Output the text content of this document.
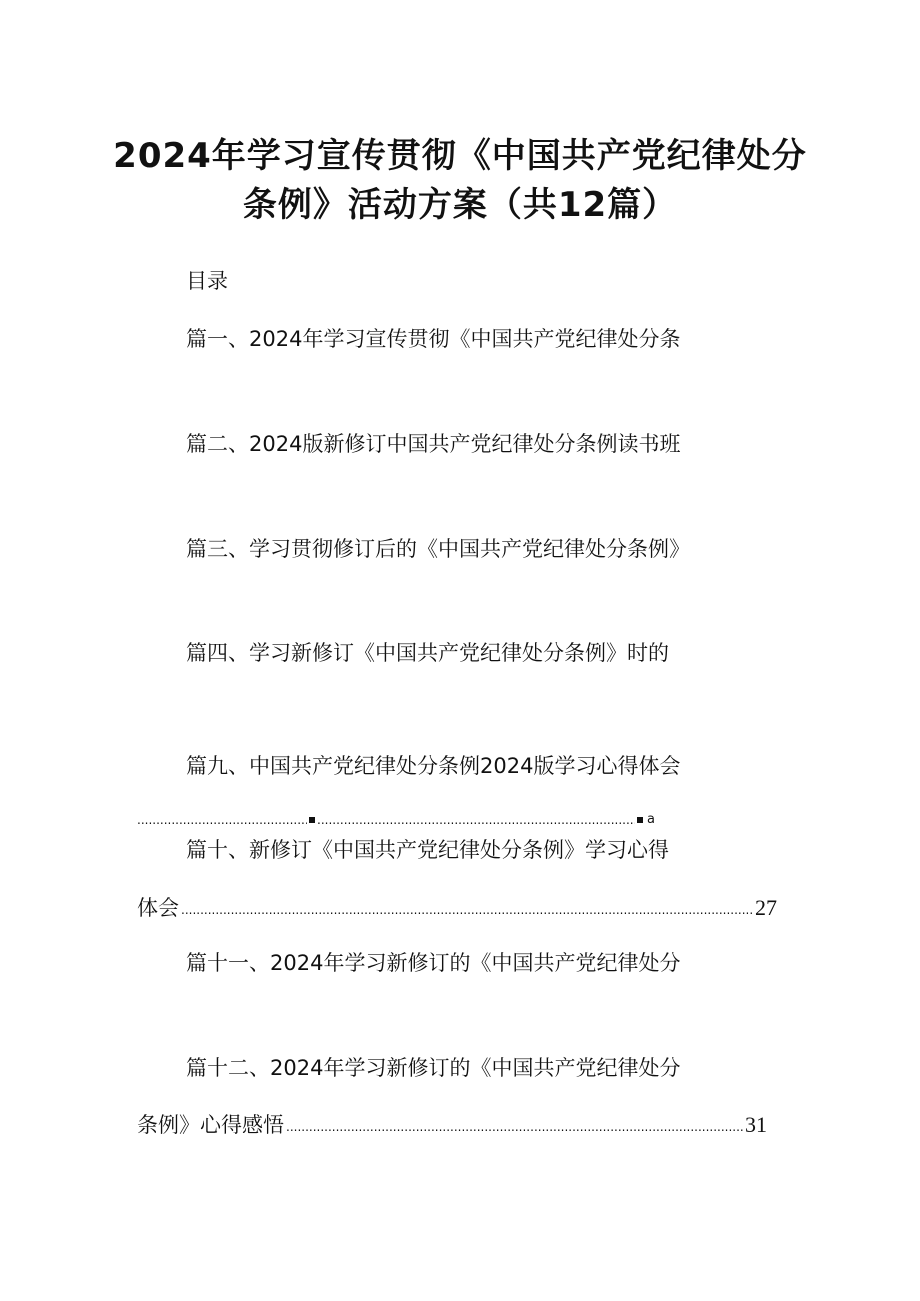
2024年学习宣传贯彻《中国共产党纪律处分
条例》活动方案（共12篇）
目录
篇一、2024年学习宣传贯彻《中国共产党纪律处分条
篇二、2024版新修订中国共产党纪律处分条例读书班
篇三、学习贯彻修订后的《中国共产党纪律处分条例》
篇四、学习新修订《中国共产党纪律处分条例》时的
篇九、中国共产党纪律处分条例2024版学习心得体会
.....
.....
a
篇十、新修订《中国共产党纪律处分条例》学习心得
体会 .....	27
篇十一、2024年学习新修订的《中国共产党纪律处分
篇十二、2024年学习新修订的《中国共产党纪律处分
条例》心得感悟 .....	31
